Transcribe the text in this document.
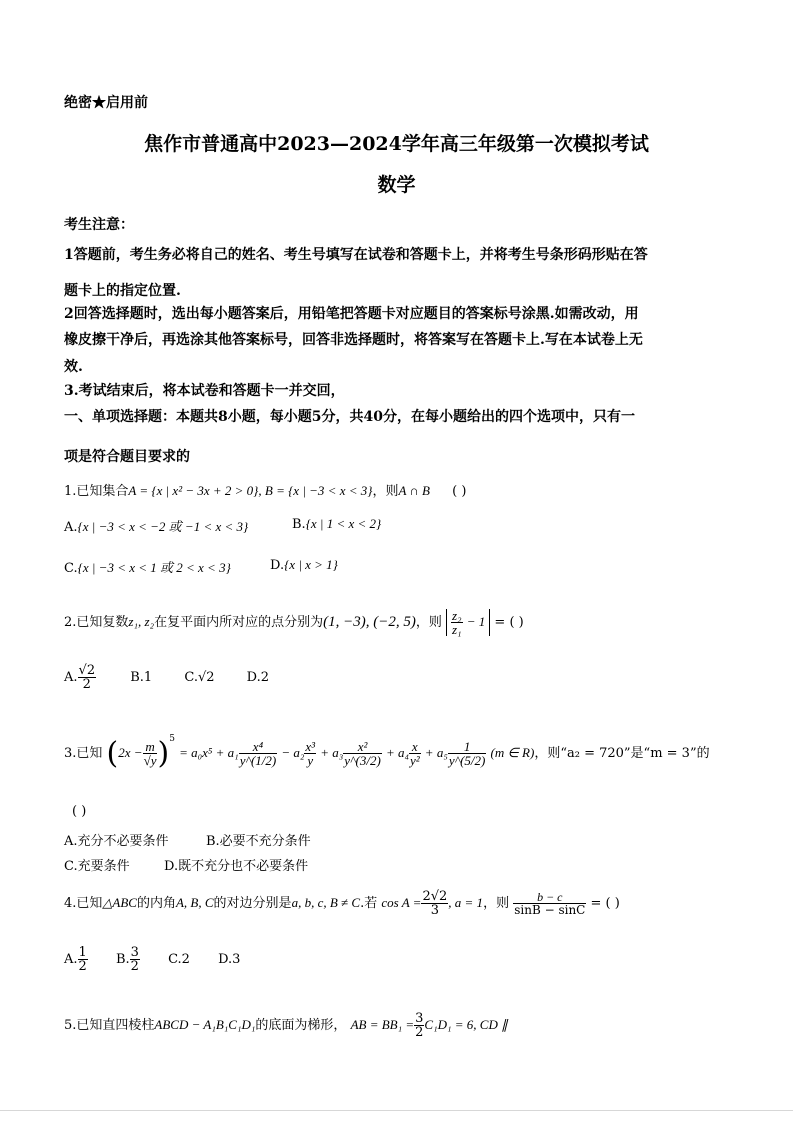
绝密★启用前
焦作市普通高中2023—2024学年高三年级第一次模拟考试
数学
考生注意：
1答题前，考生务必将自己的姓名、考生号填写在试卷和答题卡上，并将考生号条形码形贴在答
题卡上的指定位置.
2回答选择题时，选出每小题答案后，用铅笔把答题卡对应题目的答案标号涂黑.如需改动，用
橡皮擦干净后，再选涂其他答案标号，回答非选择题时，将答案写在答题卡上.写在本试卷上无
效.
3.考试结束后，将本试卷和答题卡一并交回，
一、单项选择题：本题共8小题，每小题5分，共40分，在每小题给出的四个选项中，只有一
项是符合题目要求的
1.已知集合A = {x | x² − 3x + 2 > 0}, B = {x | −3 < x < 3}，则A ∩ B ( )
A.{x | −3 < x < −2 或 −1 < x < 3}	B.{x | 1 < x < 2}
C.{x | −3 < x < 1 或 2 < x < 3}	D.{x | x > 1}
2.已知复数z₁, z₂在复平面内所对应的点分别为(1, −3), (−2, 5)，则 $\frac{\text{z₂}}{\text{z₁}} - 1$ = ( )
A. $\frac{√2}{2}$	B.1 C.√2 D.2
3.已知 $(2x - \frac{m}{√y} )^5 = a_0x^5 + a_1 \frac{\text{x⁴}}{y\^{}(1/2)} - a_2 \frac{\text{x³}}{y} + a_3 \frac{\text{x²}}{y\^{}(3/2)} + a_4 \frac{x}{\text{y²}} + a_5 \frac{1}{y\^{}(5/2)} (m$ ∈ R)，则“a₂ = 720”是“m = 3”的
( )
A.充分不必要条件	B.必要不充分条件
C.充要条件	D.既不充分也不必要条件
4.已知△ABC的内角A, B, C的对边分别是a, b, c, B ≠ C.若 $\cos A = \frac{2√2}{3}$ , a = 1，则 $\frac{b - c}{\sin B - \sin C}$ = ( )
A. $\frac{1}{2} B$. $\frac{3}{2} C.2$ D.3
5.已知直四棱柱ABCD − A₁B₁C₁D₁的底面为梯形， AB = $BB_1 = \frac{3}{2} C_1D_1 = 6$, CD ∥
